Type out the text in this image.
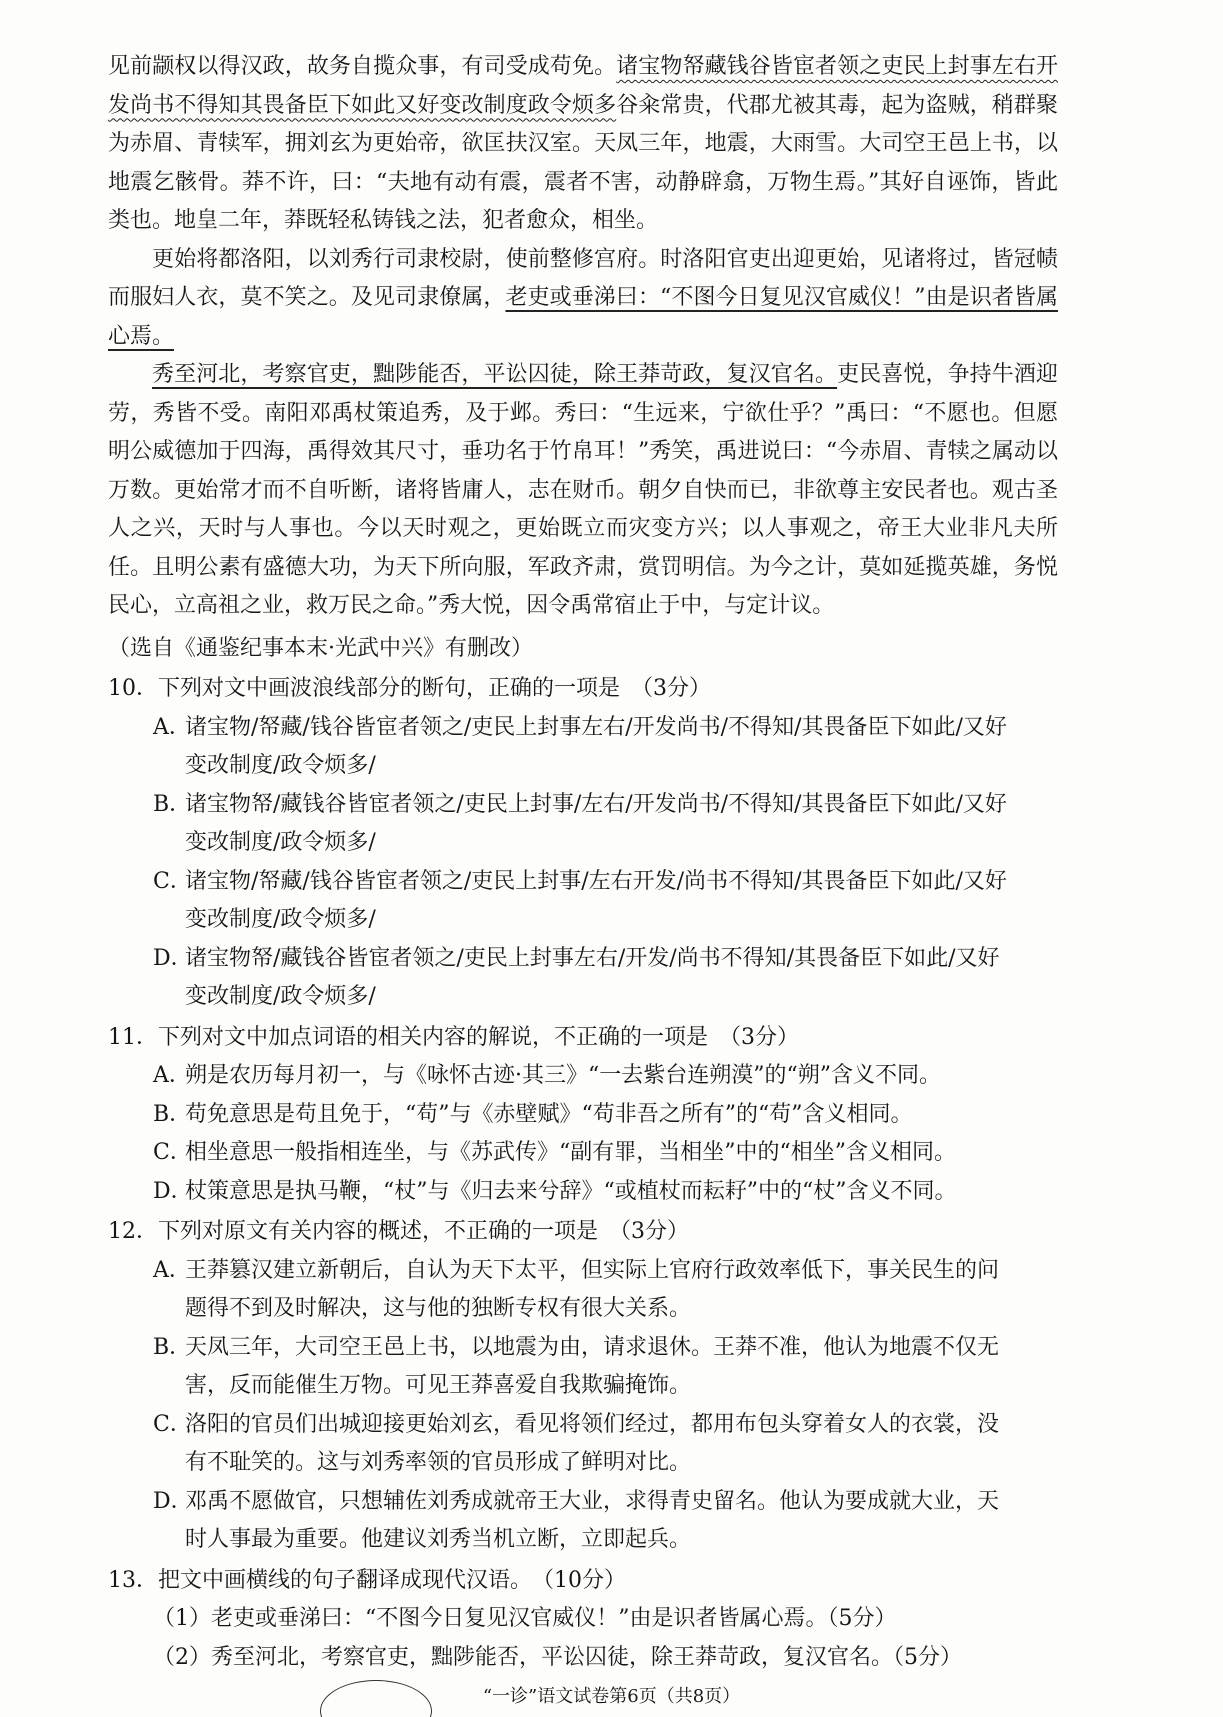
见前颛权以得汉政，故务自揽众事，有司受成苟免。诸宝物帑藏钱谷皆宦者领之吏民上封事左右开发尚书不得知其畏备臣下如此又好变改制度政令烦多谷籴常贵，代郡尤被其毒，起为盗贼，稍群聚为赤眉、青犊军，拥刘玄为更始帝，欲匡扶汉室。天凤三年，地震，大雨雪。大司空王邑上书，以地震乞骸骨。莽不许，曰：“夫地有动有震，震者不害，动静辟翕，万物生焉。”其好自诬饰，皆此类也。地皇二年，莽既轻私铸钱之法，犯者愈众，相坐。

更始将都洛阳，以刘秀行司隶校尉，使前整修宫府。时洛阳官吏出迎更始，见诸将过，皆冠帻而服妇人衣，莫不笑之。及见司隶僚属，老吏或垂涕曰：“不图今日复见汉官威仪！”由是识者皆属心焉。

秀至河北，考察官吏，黜陟能否，平讼囚徒，除王莽苛政，复汉官名。吏民喜悦，争持牛酒迎劳，秀皆不受。南阳邓禹杖策追秀，及于邺。秀曰：“生远来，宁欲仕乎？”禹曰：“不愿也。但愿明公威德加于四海，禹得效其尺寸，垂功名于竹帛耳！”秀笑，禹进说曰：“今赤眉、青犊之属动以万数。更始常才而不自听断，诸将皆庸人，志在财币。朝夕自快而已，非欲尊主安民者也。观古圣人之兴，天时与人事也。今以天时观之，更始既立而灾变方兴；以人事观之，帝王大业非凡夫所任。且明公素有盛德大功，为天下所向服，军政齐肃，赏罚明信。为今之计，莫如延揽英雄，务悦民心，立高祖之业，救万民之命。”秀大悦，因令禹常宿止于中，与定计议。

（选自《通鉴纪事本末·光武中兴》有删改）

10．下列对文中画波浪线部分的断句，正确的一项是　（3分）

A．诸宝物/帑藏/钱谷皆宦者领之/吏民上封事左右/开发尚书/不得知/其畏备臣下如此/又好

变改制度/政令烦多/

B．诸宝物帑/藏钱谷皆宦者领之/吏民上封事/左右/开发尚书/不得知/其畏备臣下如此/又好

变改制度/政令烦多/

C．诸宝物/帑藏/钱谷皆宦者领之/吏民上封事/左右开发/尚书不得知/其畏备臣下如此/又好

变改制度/政令烦多/

D．诸宝物帑/藏钱谷皆宦者领之/吏民上封事左右/开发/尚书不得知/其畏备臣下如此/又好

变改制度/政令烦多/

11．下列对文中加点词语的相关内容的解说，不正确的一项是　（3分）

A．朔是农历每月初一，与《咏怀古迹·其三》“一去紫台连朔漠”的“朔”含义不同。

B．苟免意思是苟且免于，“苟”与《赤壁赋》“苟非吾之所有”的“苟”含义相同。

C．相坐意思一般指相连坐，与《苏武传》“副有罪，当相坐”中的“相坐”含义相同。

D．杖策意思是执马鞭，“杖”与《归去来兮辞》“或植杖而耘耔”中的“杖”含义不同。

12．下列对原文有关内容的概述，不正确的一项是　（3分）

A．王莽篡汉建立新朝后，自认为天下太平，但实际上官府行政效率低下，事关民生的问

题得不到及时解决，这与他的独断专权有很大关系。

B．天凤三年，大司空王邑上书，以地震为由，请求退休。王莽不准，他认为地震不仅无

害，反而能催生万物。可见王莽喜爱自我欺骗掩饰。

C．洛阳的官员们出城迎接更始刘玄，看见将领们经过，都用布包头穿着女人的衣裳，没

有不耻笑的。这与刘秀率领的官员形成了鲜明对比。

D．邓禹不愿做官，只想辅佐刘秀成就帝王大业，求得青史留名。他认为要成就大业，天

时人事最为重要。他建议刘秀当机立断，立即起兵。

13．把文中画横线的句子翻译成现代汉语。　（10分）

（1）老吏或垂涕曰：“不图今日复见汉官威仪！”由是识者皆属心焉。（5分）

（2）秀至河北，考察官吏，黜陟能否，平讼囚徒，除王莽苛政，复汉官名。（5分）

“一诊”语文试卷第6页（共8页）
